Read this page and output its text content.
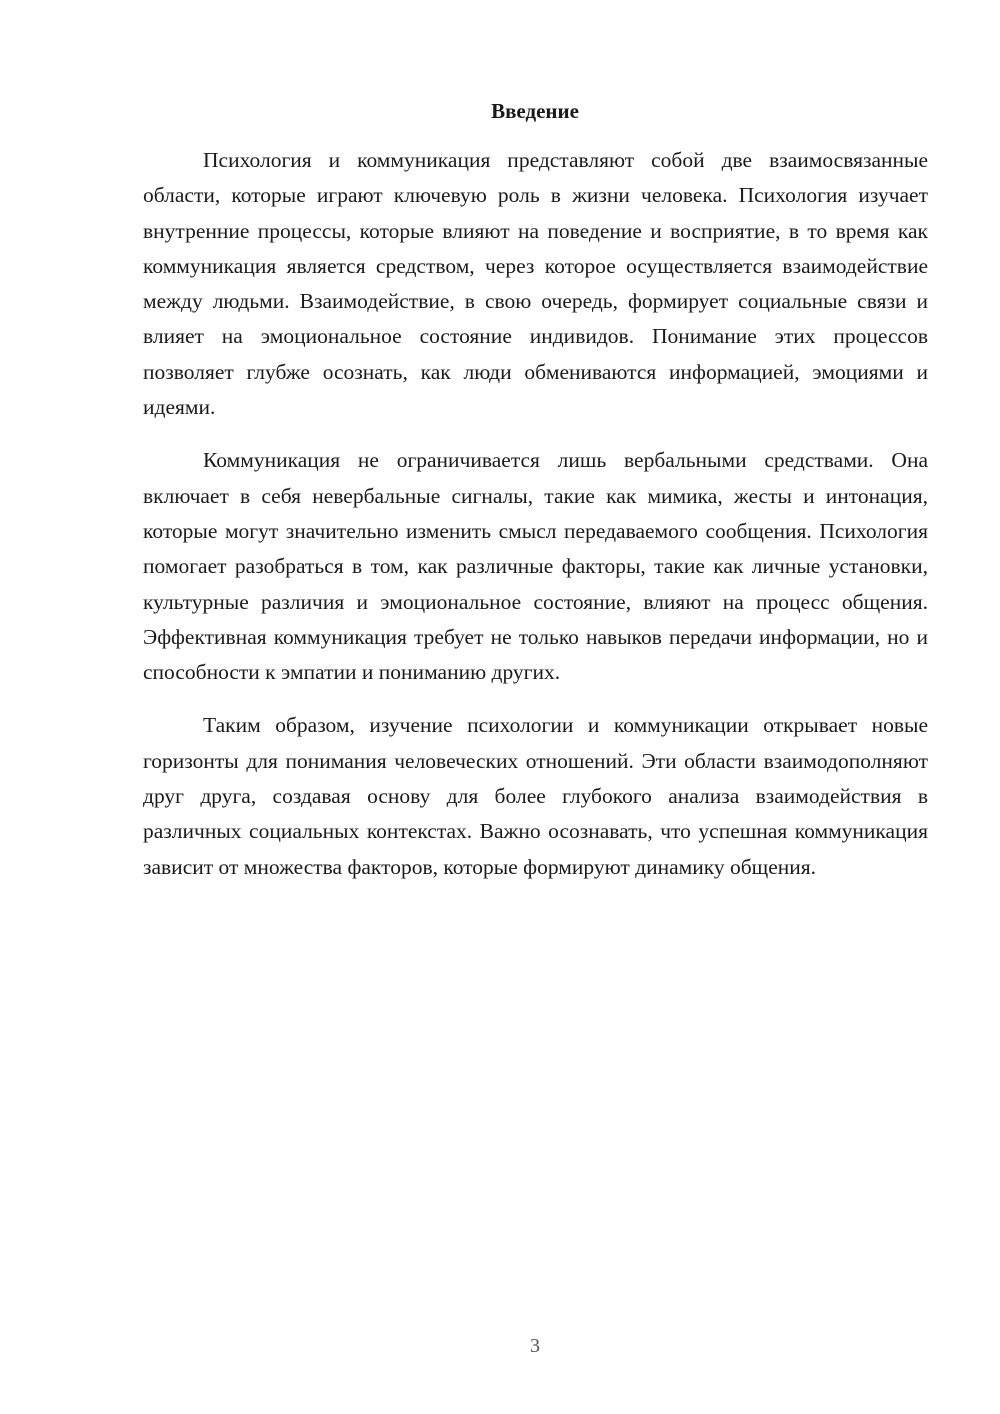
Введение

Психология и коммуникация представляют собой две взаимосвязанные области, которые играют ключевую роль в жизни человека. Психология изучает внутренние процессы, которые влияют на поведение и восприятие, в то время как коммуникация является средством, через которое осуществляется взаимодействие между людьми. Взаимодействие, в свою очередь, формирует социальные связи и влияет на эмоциональное состояние индивидов. Понимание этих процессов позволяет глубже осознать, как люди обмениваются информацией, эмоциями и идеями.

Коммуникация не ограничивается лишь вербальными средствами. Она включает в себя невербальные сигналы, такие как мимика, жесты и интонация, которые могут значительно изменить смысл передаваемого сообщения. Психология помогает разобраться в том, как различные факторы, такие как личные установки, культурные различия и эмоциональное состояние, влияют на процесс общения. Эффективная коммуникация требует не только навыков передачи информации, но и способности к эмпатии и пониманию других.

Таким образом, изучение психологии и коммуникации открывает новые горизонты для понимания человеческих отношений. Эти области взаимодополняют друг друга, создавая основу для более глубокого анализа взаимодействия в различных социальных контекстах. Важно осознавать, что успешная коммуникация зависит от множества факторов, которые формируют динамику общения.

3
